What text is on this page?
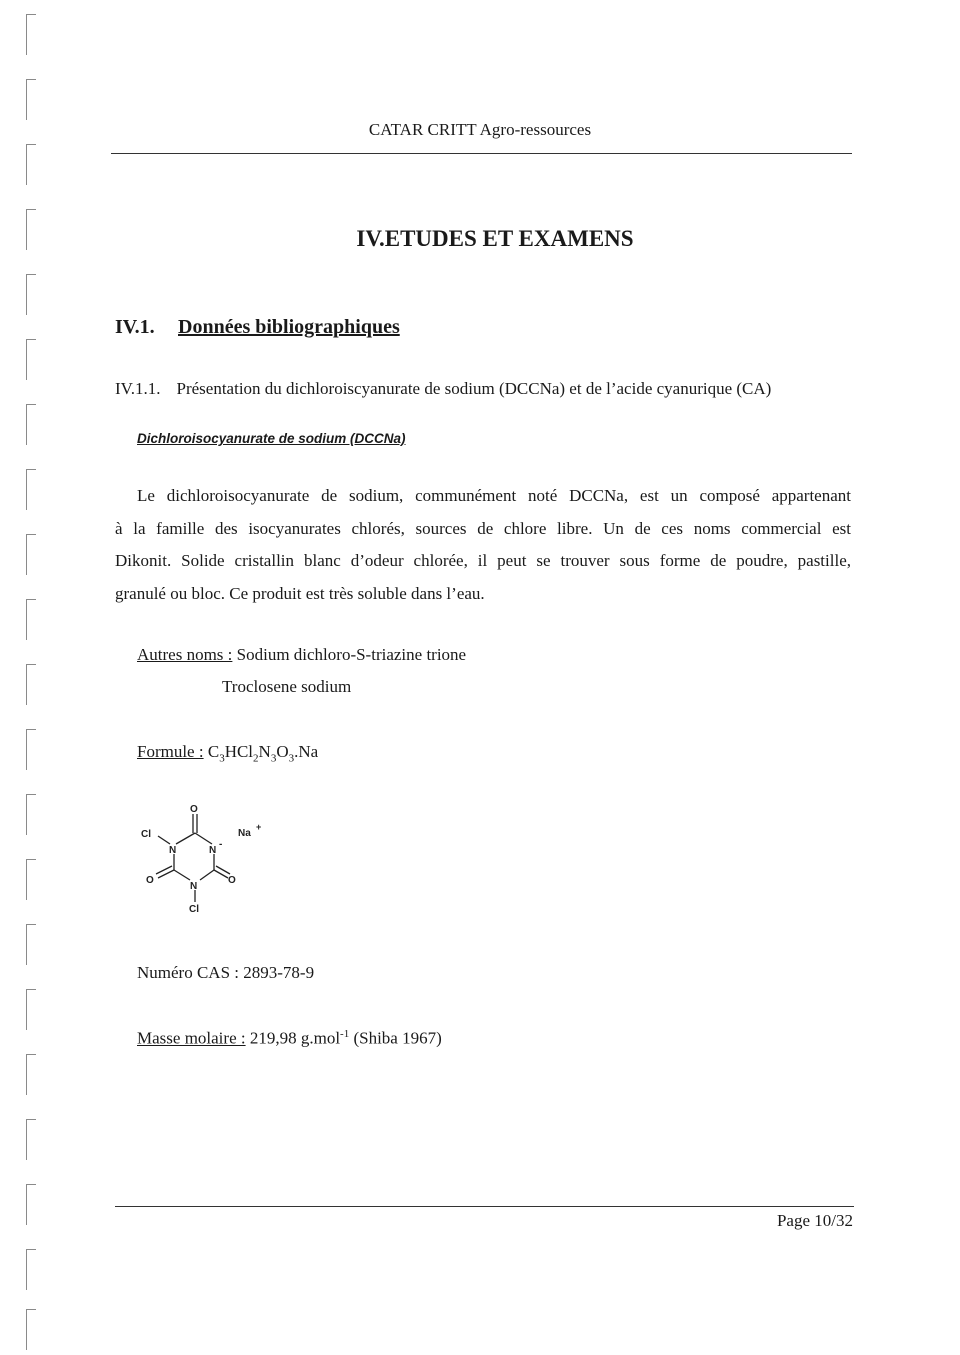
CATAR CRITT Agro-ressources
IV.ETUDES ET EXAMENS
IV.1. Données bibliographiques
IV.1.1. Présentation du dichloroiscyanurate de sodium (DCCNa) et de l’acide cyanurique (CA)
Dichloroisocyanurate de sodium (DCCNa)
Le dichloroisocyanurate de sodium, communément noté DCCNa, est un composé appartenant
à la famille des isocyanurates chlorés, sources de chlore libre. Un de ces noms commercial est
Dikonit. Solide cristallin blanc d’odeur chlorée, il peut se trouver sous forme de poudre, pastille,
granulé ou bloc. Ce produit est très soluble dans l’eau.
Autres noms : Sodium dichloro-S-triazine trione
Troclosene sodium
Formule : $C_3HCl_2N_3O_3.Na$
O
N	N
-
N
Cl
O	O
Cl
Na
+
Numéro CAS : 2893-78-9
Masse molaire : 219,98 g.mol$^{-1}$ (Shiba 1967)
Page 10/32
